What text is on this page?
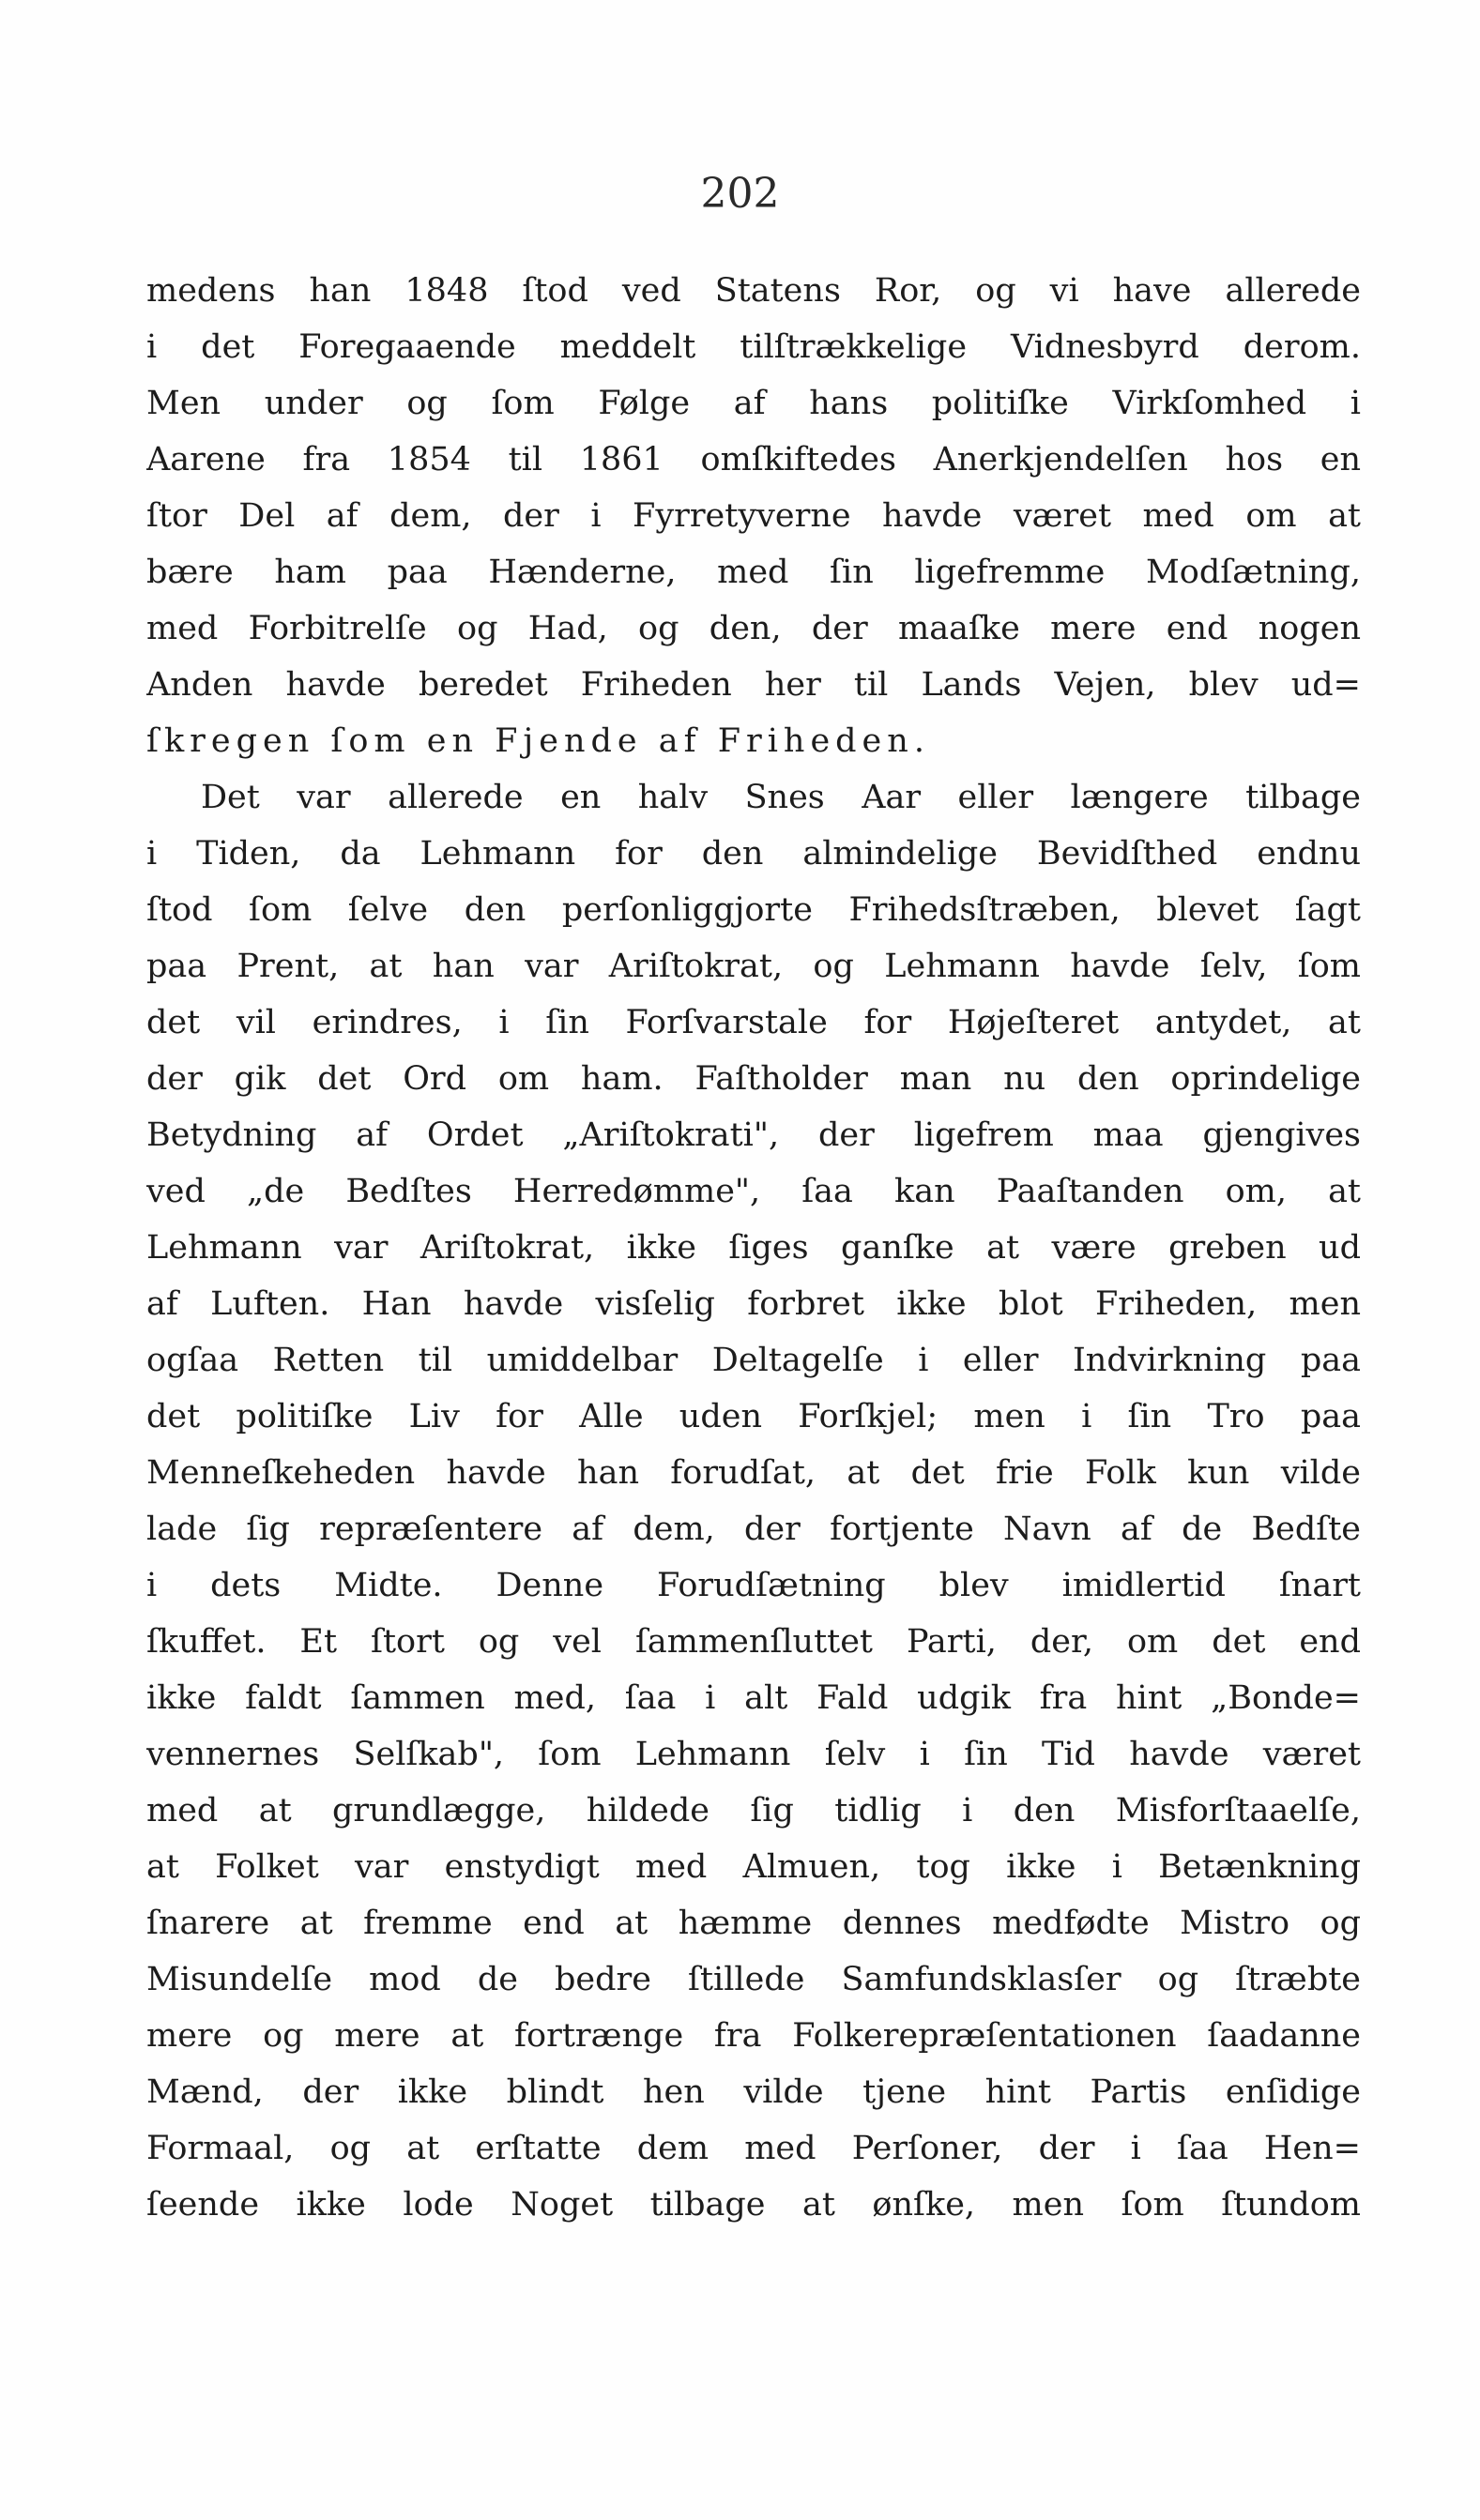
202
medens han 1848 ſtod ved Statens Ror, og vi have allerede
i det Foregaaende meddelt tilſtrækkelige Vidnesbyrd derom.
Men under og ſom Følge af hans politiſke Virkſomhed i
Aarene fra 1854 til 1861 omſkiftedes Anerkjendelſen hos en
ſtor Del af dem, der i Fyrretyverne havde været med om at
bære ham paa Hænderne, med ſin ligefremme Modſætning,
med Forbitrelſe og Had, og den, der maaſke mere end nogen
Anden havde beredet Friheden her til Lands Vejen, blev ud=
ſkregen ſom en Fjende af Friheden.
Det var allerede en halv Snes Aar eller længere tilbage
i Tiden, da Lehmann for den almindelige Bevidſthed endnu
ſtod ſom ſelve den perſonliggjorte Frihedsſtræben, blevet ſagt
paa Prent, at han var Ariſtokrat, og Lehmann havde ſelv, ſom
det vil erindres, i ſin Forſvarstale for Højeſteret antydet, at
der gik det Ord om ham. Faſtholder man nu den oprindelige
Betydning af Ordet „Ariſtokrati", der ligefrem maa gjengives
ved „de Bedſtes Herredømme", ſaa kan Paaſtanden om, at
Lehmann var Ariſtokrat, ikke ſiges ganſke at være greben ud
af Luften. Han havde visſelig forbret ikke blot Friheden, men
ogſaa Retten til umiddelbar Deltagelſe i eller Indvirkning paa
det politiſke Liv for Alle uden Forſkjel; men i ſin Tro paa
Menneſkeheden havde han forudſat, at det frie Folk kun vilde
lade ſig repræſentere af dem, der fortjente Navn af de Bedſte
i dets Midte. Denne Forudſætning blev imidlertid ſnart
ſkuffet. Et ſtort og vel ſammenſluttet Parti, der, om det end
ikke faldt ſammen med, ſaa i alt Fald udgik fra hint „Bonde=
vennernes Selſkab", ſom Lehmann ſelv i ſin Tid havde været
med at grundlægge, hildede ſig tidlig i den Misforſtaaelſe,
at Folket var enstydigt med Almuen, tog ikke i Betænkning
ſnarere at fremme end at hæmme dennes medfødte Mistro og
Misundelſe mod de bedre ſtillede Samfundsklasſer og ſtræbte
mere og mere at fortrænge fra Folkerepræſentationen ſaadanne
Mænd, der ikke blindt hen vilde tjene hint Partis enſidige
Formaal, og at erſtatte dem med Perſoner, der i ſaa Hen=
ſeende ikke lode Noget tilbage at ønſke, men ſom ſtundom
